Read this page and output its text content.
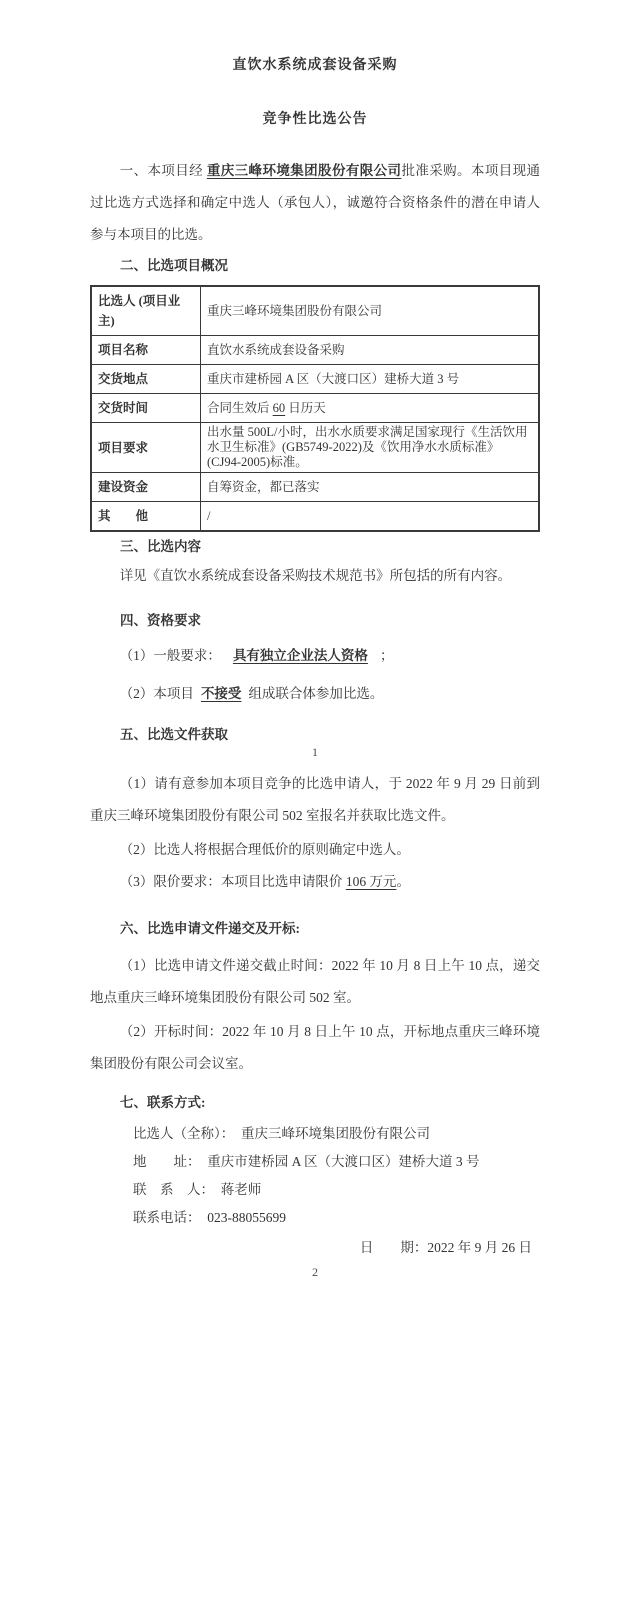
直饮水系统成套设备采购
竞争性比选公告

一、本项目经 重庆三峰环境集团股份有限公司批准采购。本项目现通过比选方式选择和确定中选人（承包人），诚邀符合资格条件的潜在申请人参与本项目的比选。

二、比选项目概况
比选人 (项目业主)	重庆三峰环境集团股份有限公司
项目名称	直饮水系统成套设备采购
交货地点	重庆市建桥园 A 区（大渡口区）建桥大道 3 号
交货时间	合同生效后 60 日历天
项目要求	出水量 500L/小时，出水水质要求满足国家现行《生活饮用水卫生标准》(GB5749-2022)及《饮用净水水质标准》(CJ94-2005)标准。
建设资金	自筹资金，都已落实
其　　他	/
三、比选内容

详见《直饮水系统成套设备采购技术规范书》所包括的所有内容。

四、资格要求

（1）一般要求： 具有独立企业法人资格 ；

（2）本项目 不接受 组成联合体参加比选。

五、比选文件获取

1

（1）请有意参加本项目竞争的比选申请人，于 2022 年 9 月 29 日前到重庆三峰环境集团股份有限公司 502 室报名并获取比选文件。

（2）比选人将根据合理低价的原则确定中选人。

（3）限价要求：本项目比选申请限价 106 万元。

六、比选申请文件递交及开标:

（1）比选申请文件递交截止时间：2022 年 10 月 8 日上午 10 点，递交地点重庆三峰环境集团股份有限公司 502 室。

（2）开标时间：2022 年 10 月 8 日上午 10 点，开标地点重庆三峰环境集团股份有限公司会议室。

七、联系方式:

比选人（全称）：　重庆三峰环境集团股份有限公司

地　　址：　重庆市建桥园 A 区（大渡口区）建桥大道 3 号

联　系　人：　蒋老师

联系电话：　023-88055699

日　　期：2022 年 9 月 26 日

2
